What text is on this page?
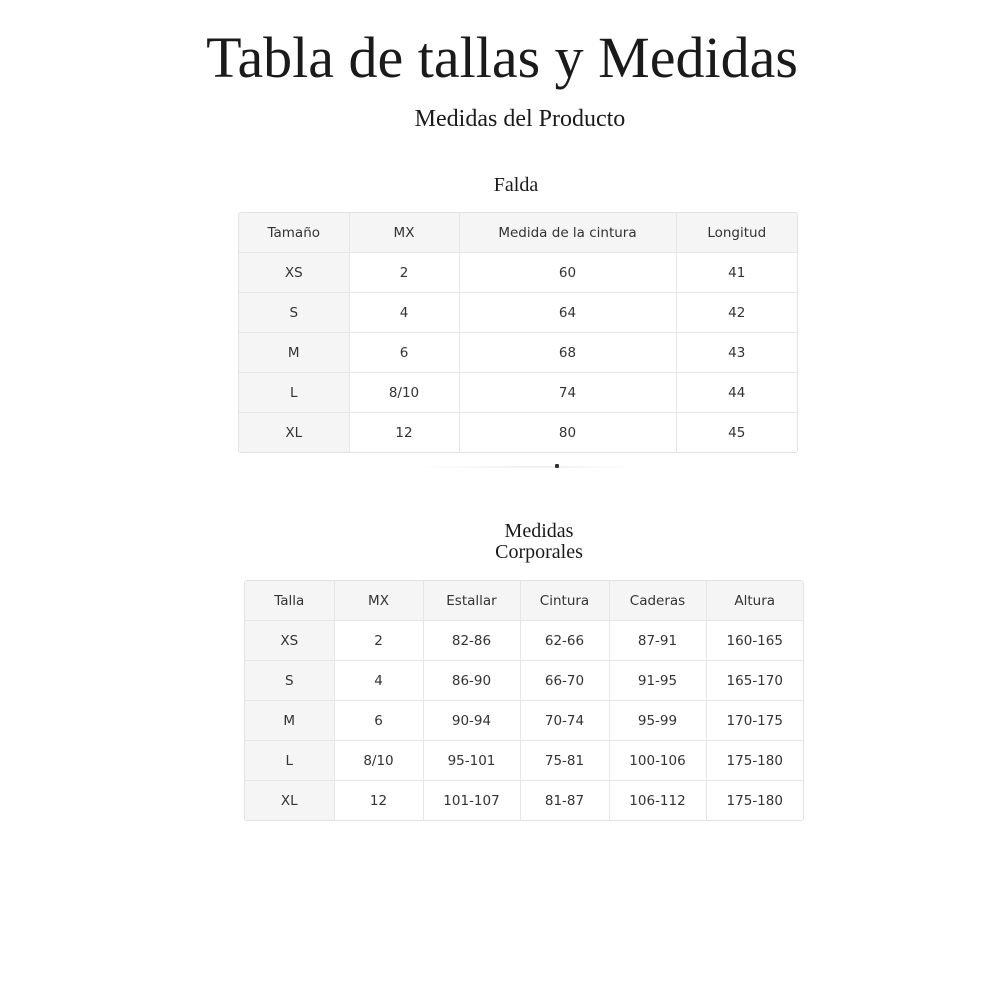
Tabla de tallas y Medidas
Medidas del Producto
Falda
Tamaño	MX	Medida de la cintura	Longitud
XS	2	60	41
S	4	64	42
M	6	68	43
L	8/10	74	44
XL	12	80	45
Medidas
Corporales
Talla	MX	Estallar	Cintura	Caderas	Altura
XS	2	82-86	62-66	87-91	160-165
S	4	86-90	66-70	91-95	165-170
M	6	90-94	70-74	95-99	170-175
L	8/10	95-101	75-81	100-106	175-180
XL	12	101-107	81-87	106-112	175-180
